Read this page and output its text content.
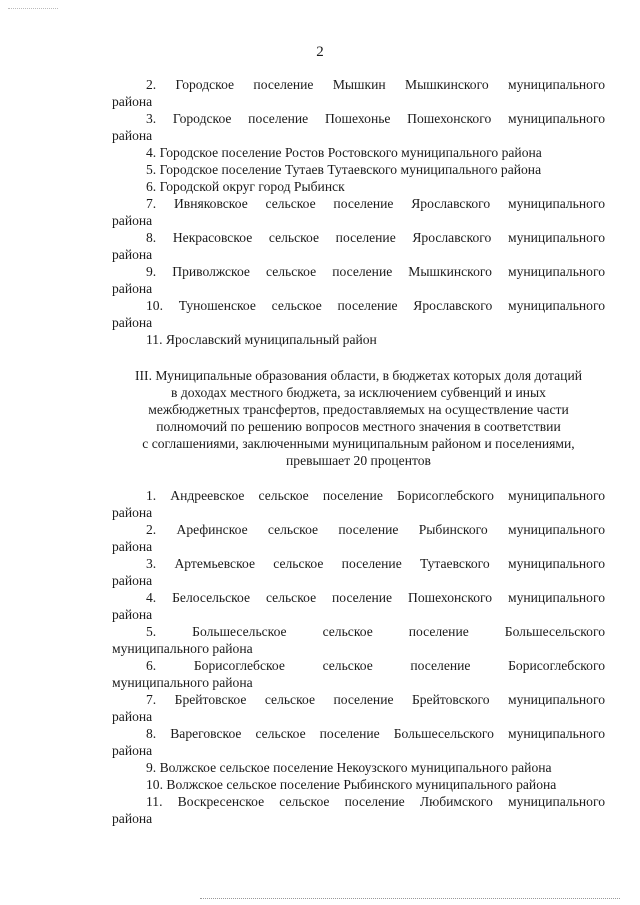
2
2. Городское поселение Мышкин Мышкинского муниципального
района
3. Городское поселение Пошехонье Пошехонского муниципального
района
4. Городское поселение Ростов Ростовского муниципального района
5. Городское поселение Тутаев Тутаевского муниципального района
6. Городской округ город Рыбинск
7. Ивняковское сельское поселение Ярославского муниципального
района
8. Некрасовское сельское поселение Ярославского муниципального
района
9. Приволжское сельское поселение Мышкинского муниципального
района
10. Туношенское сельское поселение Ярославского муниципального
района
11. Ярославский муниципальный район
III. Муниципальные образования области, в бюджетах которых доля дотаций
в доходах местного бюджета, за исключением субвенций и иных
межбюджетных трансфертов, предоставляемых на осуществление части
полномочий по решению вопросов местного значения в соответствии
с соглашениями, заключенными муниципальным районом и поселениями,
превышает 20 процентов
1. Андреевское сельское поселение Борисоглебского муниципального
района
2. Арефинское сельское поселение Рыбинского муниципального
района
3. Артемьевское сельское поселение Тутаевского муниципального
района
4. Белосельское сельское поселение Пошехонского муниципального
района
5. Большесельское сельское поселение Большесельского
муниципального района
6. Борисоглебское сельское поселение Борисоглебского
муниципального района
7. Брейтовское сельское поселение Брейтовского муниципального
района
8. Вареговское сельское поселение Большесельского муниципального
района
9. Волжское сельское поселение Некоузского муниципального района
10. Волжское сельское поселение Рыбинского муниципального района
11. Воскресенское сельское поселение Любимского муниципального
района
